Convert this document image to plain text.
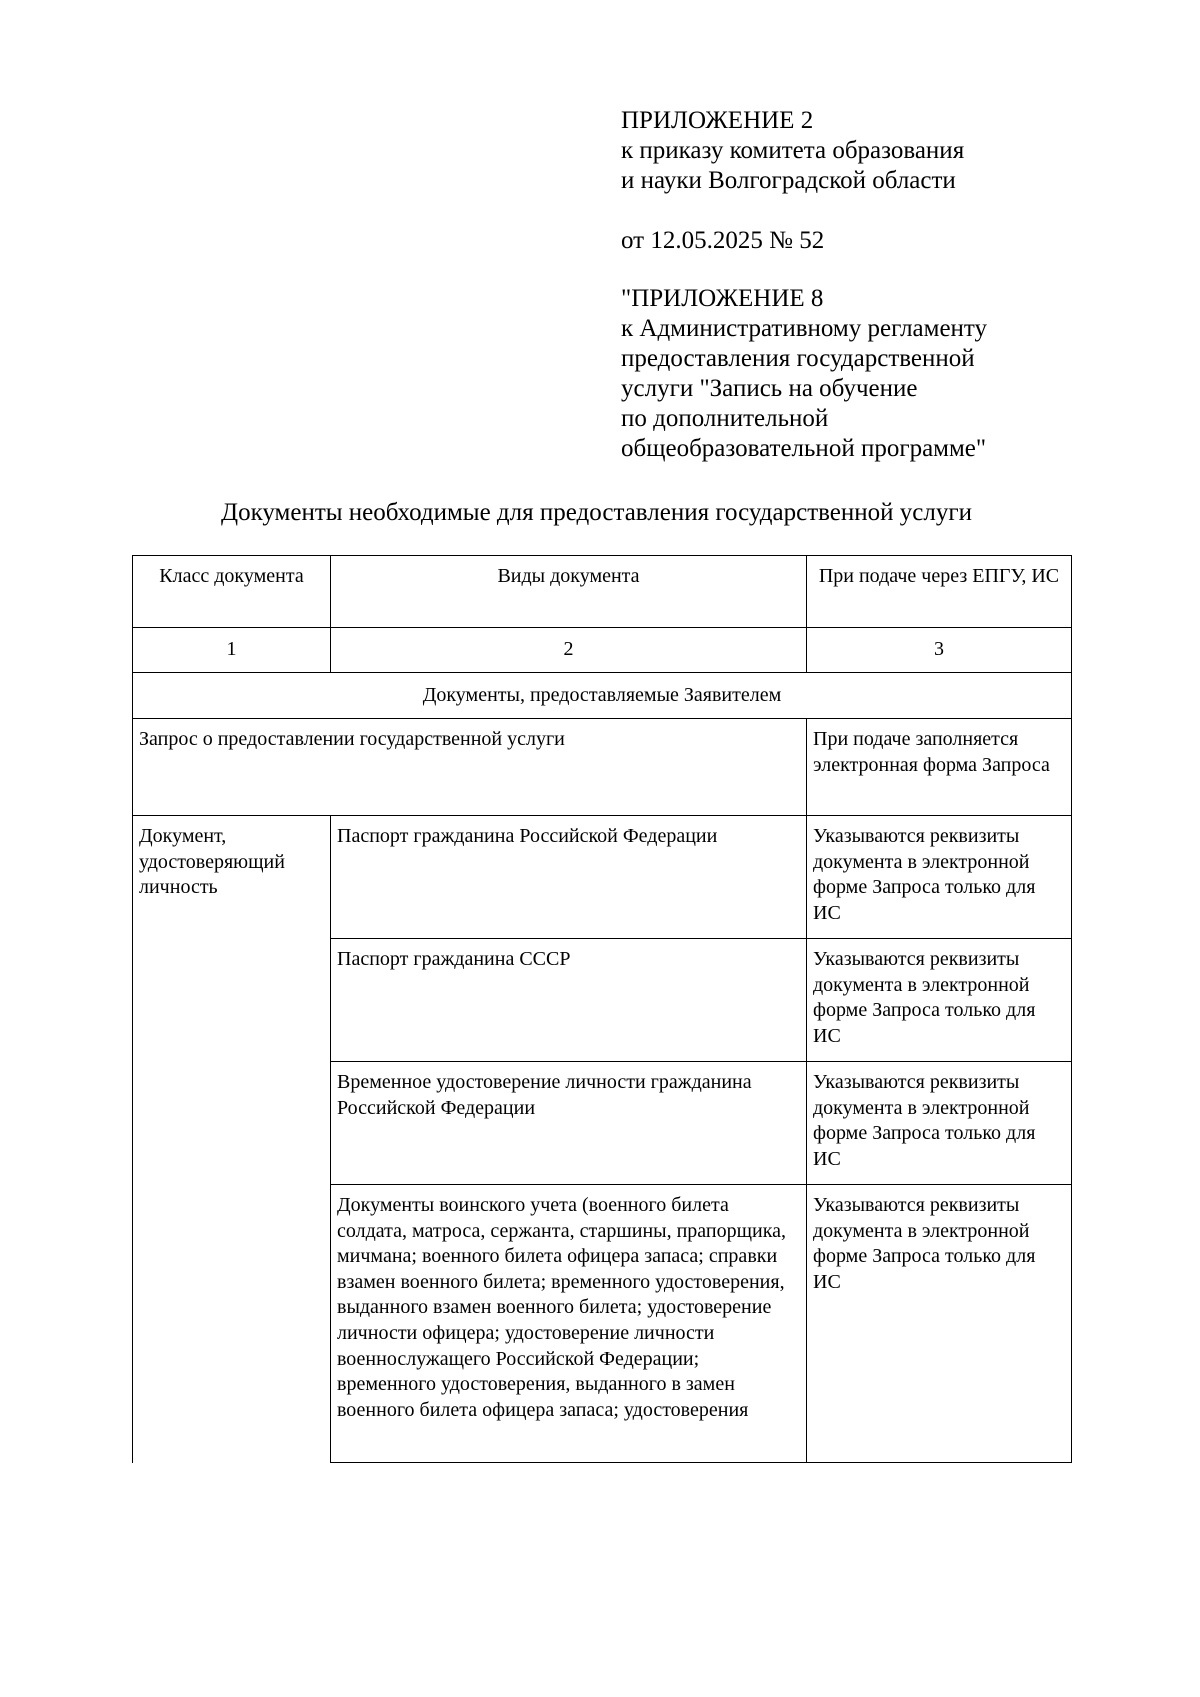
ПРИЛОЖЕНИЕ 2
к приказу комитета образования
и науки Волгоградской области
от 12.05.2025 № 52
"ПРИЛОЖЕНИЕ 8
к Административному регламенту
предоставления государственной
услуги "Запись на обучение
по дополнительной
общеобразовательной программе"
Документы необходимые для предоставления государственной услуги
Класс документа	Виды документа	При подаче через ЕПГУ, ИС
1	2	3
Документы, предоставляемые Заявителем		
Запрос о предоставлении государственной услуги		При подаче заполняется электронная форма Запроса
Документ, удостоверяющий личность	Паспорт гражданина Российской Федерации	Указываются реквизиты документа в электронной форме Запроса только для ИС
	Паспорт гражданина СССР	Указываются реквизиты документа в электронной форме Запроса только для ИС
	Временное удостоверение личности гражданина Российской Федерации	Указываются реквизиты документа в электронной форме Запроса только для ИС
	Документы воинского учета (военного билета солдата, матроса, сержанта, старшины, прапорщика, мичмана; военного билета офицера запаса; справки взамен военного билета; временного удостоверения, выданного взамен военного билета; удостоверение личности офицера; удостоверение личности военнослужащего Российской Федерации; временного удостоверения, выданного в замен военного билета офицера запаса; удостоверения	Указываются реквизиты документа в электронной форме Запроса только для ИС
